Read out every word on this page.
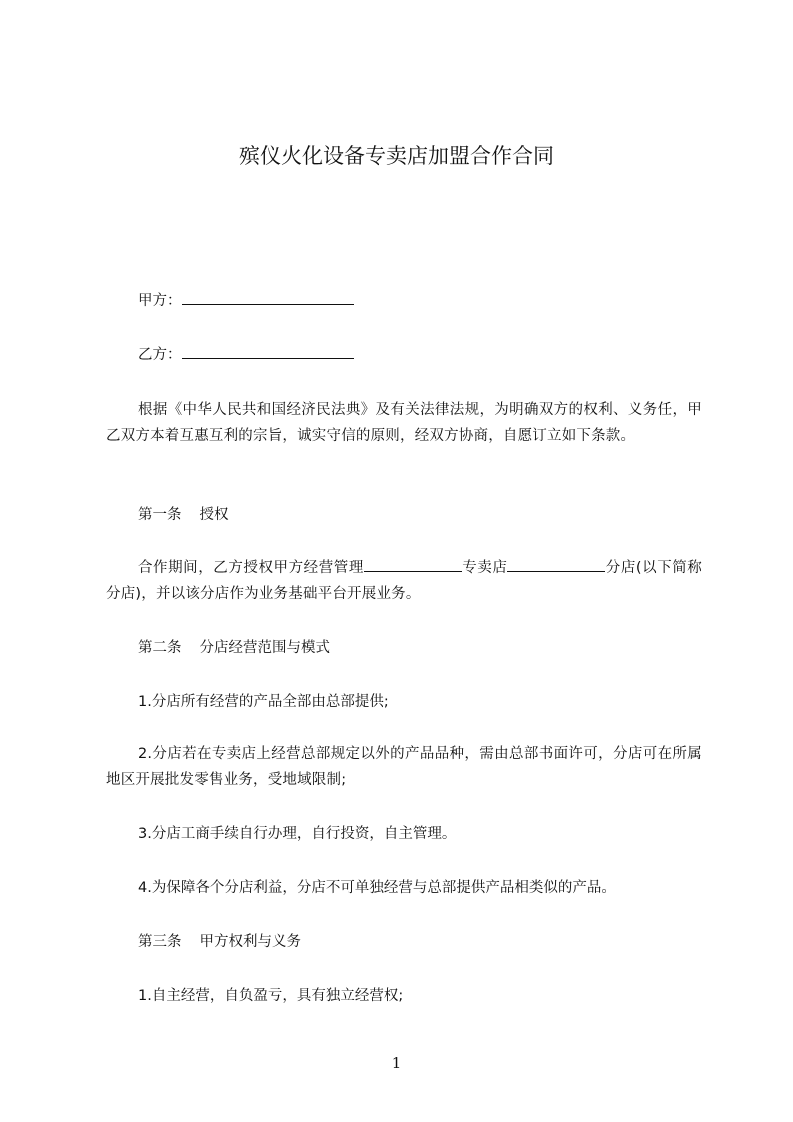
殡仪火化设备专卖店加盟合作合同

甲方：

乙方：

根据《中华人民共和国经济民法典》及有关法律法规，为明确双方的权利、义务任，甲乙双方本着互惠互利的宗旨，诚实守信的原则，经双方协商，自愿订立如下条款。

第一条 授权

合作期间，乙方授权甲方经营管理	专卖店	分店(以下简称分店)，并以该分店作为业务基础平台开展业务。

第二条 分店经营范围与模式

1.分店所有经营的产品全部由总部提供;

2.分店若在专卖店上经营总部规定以外的产品品种，需由总部书面许可，分店可在所属地区开展批发零售业务，受地域限制;

3.分店工商手续自行办理，自行投资，自主管理。

4.为保障各个分店利益，分店不可单独经营与总部提供产品相类似的产品。

第三条 甲方权利与义务

1.自主经营，自负盈亏，具有独立经营权;

1
